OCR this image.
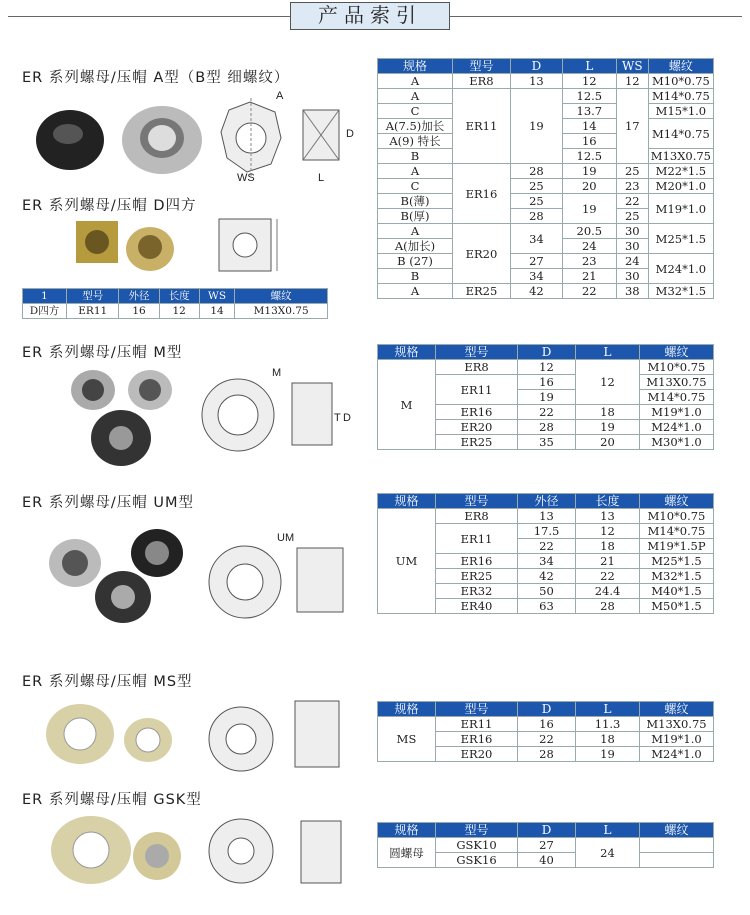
产品索引
ER 系列螺母/压帽 A型（B型 细螺纹）
ER 系列螺母/压帽 D四方
ER 系列螺母/压帽 M型
ER 系列螺母/压帽 UM型
ER 系列螺母/压帽 MS型
ER 系列螺母/压帽 GSK型
A
WS
D
L
M
T D
UM
规格	型号	D	L	WS	螺纹
A	ER8	13	12	12	M10*0.75
A	ER11	19	12.5	17	M14*0.75
C			13.7		M15*1.0
A(7.5)加长			14		M14*0.75
A(9) 特长			16		
B			12.5		M13X0.75
A	ER16	28	19	25	M22*1.5
C		25	20	23	M20*1.0
B(薄)		25	19	22	M19*1.0
B(厚)		28		25	
A	ER20	34	20.5	30	M25*1.5
A(加长)			24	30	
B (27)		27	23	24	M24*1.0
B		34	21	30	
A	ER25	42	22	38	M32*1.5
1	型号	外径	长度	WS	螺纹
D四方	ER11	16	12	14	M13X0.75
规格	型号	D	L	螺纹
M	ER8	12	12	M10*0.75
	ER11	16		M13X0.75
		19		M14*0.75
	ER16	22	18	M19*1.0
	ER20	28	19	M24*1.0
	ER25	35	20	M30*1.0
规格	型号	外径	长度	螺纹
UM	ER8	13	13	M10*0.75
	ER11	17.5	12	M14*0.75
		22	18	M19*1.5P
	ER16	34	21	M25*1.5
	ER25	42	22	M32*1.5
	ER32	50	24.4	M40*1.5
	ER40	63	28	M50*1.5
规格	型号	D	L	螺纹
MS	ER11	16	11.3	M13X0.75
	ER16	22	18	M19*1.0
	ER20	28	19	M24*1.0
规格	型号	D	L	螺纹
圆螺母	GSK10	27	24	
	GSK16	40		
